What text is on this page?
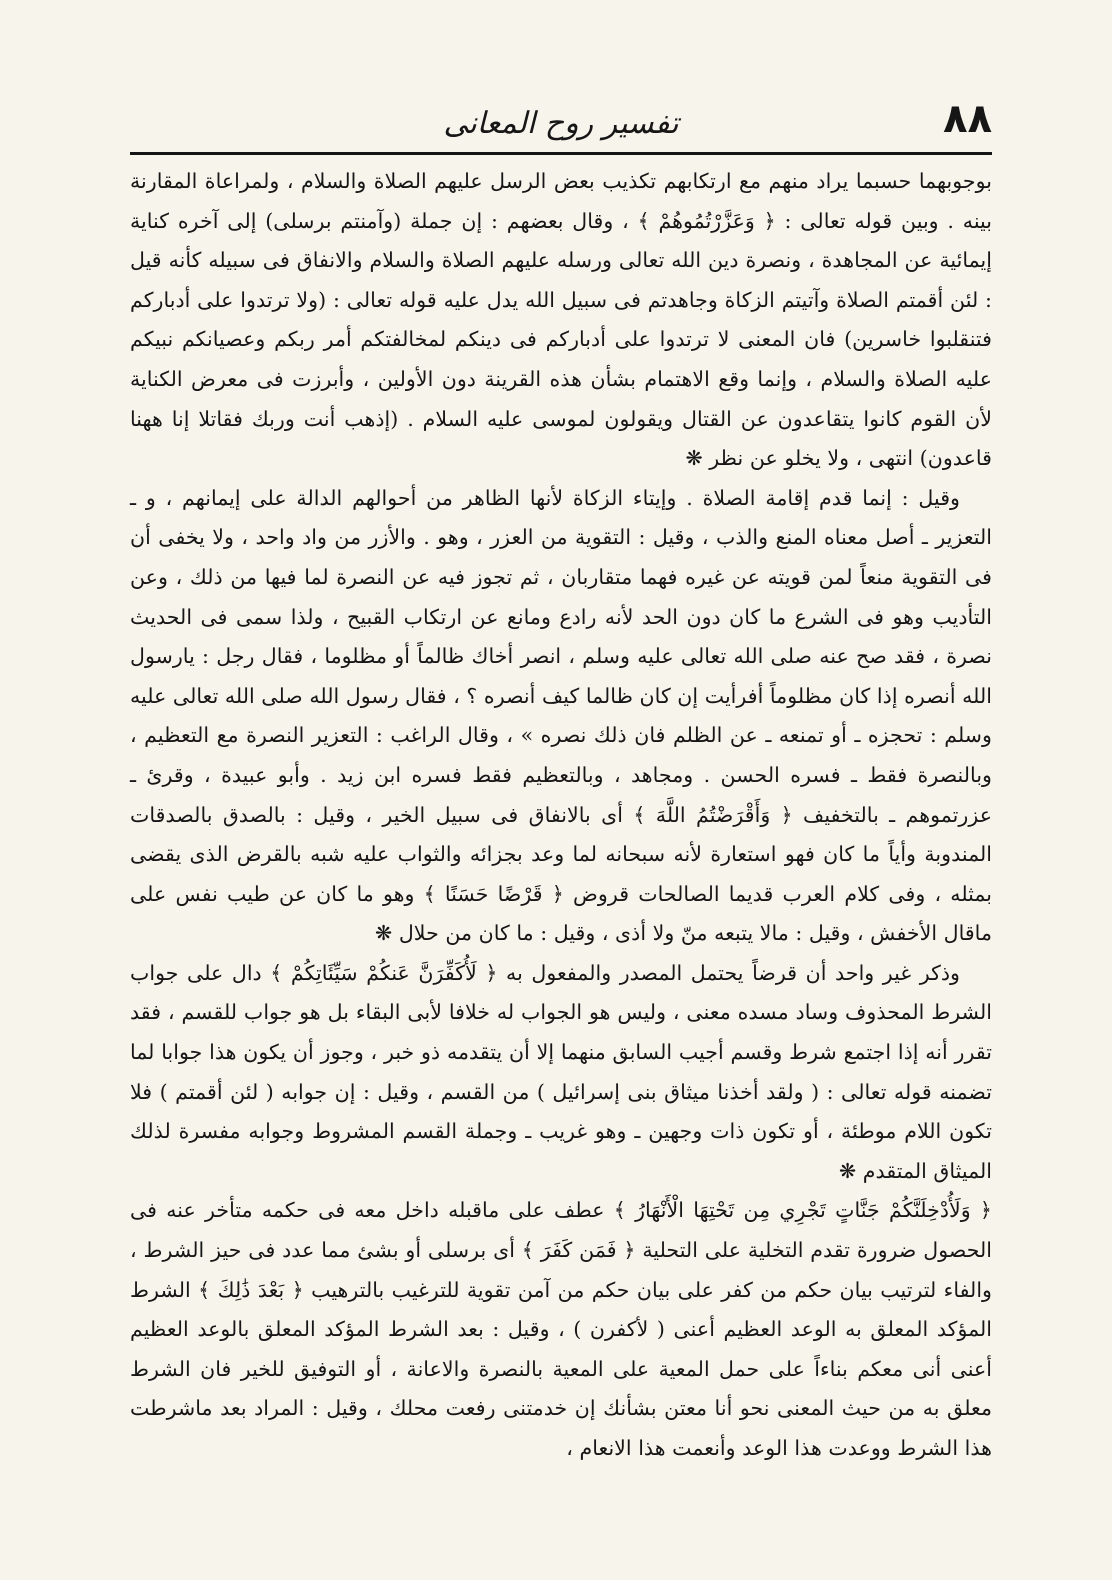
٨٨
تفسير روح المعانى

بوجوبهما حسبما يراد منهم مع ارتكابهم تكذيب بعض الرسل عليهم الصلاة والسلام ، ولمراعاة المقارنة بينه . وبين قوله تعالى : ﴿ وَعَزَّرْتُمُوهُمْ ﴾ ، وقال بعضهم : إن جملة (وآمنتم برسلى) إلى آخره كناية إيمائية عن المجاهدة ، ونصرة دين الله تعالى ورسله عليهم الصلاة والسلام والانفاق فى سبيله كأنه قيل : لئن أقمتم الصلاة وآتيتم الزكاة وجاهدتم فى سبيل الله يدل عليه قوله تعالى : (ولا ترتدوا على أدباركم فتنقلبوا خاسرين) فان المعنى لا ترتدوا على أدباركم فى دينكم لمخالفتكم أمر ربكم وعصيانكم نبيكم عليه الصلاة والسلام ، وإنما وقع الاهتمام بشأن هذه القرينة دون الأولين ، وأبرزت فى معرض الكناية لأن القوم كانوا يتقاعدون عن القتال ويقولون لموسى عليه السلام . (إذهب أنت وربك فقاتلا إنا ههنا قاعدون) انتهى ، ولا يخلو عن نظر ❋

وقيل : إنما قدم إقامة الصلاة . وإيتاء الزكاة لأنها الظاهر من أحوالهم الدالة على إيمانهم ، و ـ التعزير ـ أصل معناه المنع والذب ، وقيل : التقوية من العزر ، وهو . والأزر من واد واحد ، ولا يخفى أن فى التقوية منعاً لمن قويته عن غيره فهما متقاربان ، ثم تجوز فيه عن النصرة لما فيها من ذلك ، وعن التأديب وهو فى الشرع ما كان دون الحد لأنه رادع ومانع عن ارتكاب القبيح ، ولذا سمى فى الحديث نصرة ، فقد صح عنه صلى الله تعالى عليه وسلم ، انصر أخاك ظالماً أو مظلوما ، فقال رجل : يارسول الله أنصره إذا كان مظلوماً أفرأيت إن كان ظالما كيف أنصره ؟ ، فقال رسول الله صلى الله تعالى عليه وسلم : تحجزه ـ أو تمنعه ـ عن الظلم فان ذلك نصره » ، وقال الراغب : التعزير النصرة مع التعظيم ، وبالنصرة فقط ـ فسره الحسن . ومجاهد ، وبالتعظيم فقط فسره ابن زيد . وأبو عبيدة ، وقرئ ـ عزرتموهم ـ بالتخفيف ﴿ وَأَقْرَضْتُمُ اللَّهَ ﴾ أى بالانفاق فى سبيل الخير ، وقيل : بالصدق بالصدقات المندوبة وأياً ما كان فهو استعارة لأنه سبحانه لما وعد بجزائه والثواب عليه شبه بالقرض الذى يقضى بمثله ، وفى كلام العرب قديما الصالحات قروض ﴿ قَرْضًا حَسَنًا ﴾ وهو ما كان عن طيب نفس على ماقال الأخفش ، وقيل : مالا يتبعه منّ ولا أذى ، وقيل : ما كان من حلال ❋

وذكر غير واحد أن قرضاً يحتمل المصدر والمفعول به ﴿ لَأُكَفِّرَنَّ عَنكُمْ سَيِّئَاتِكُمْ ﴾ دال على جواب الشرط المحذوف وساد مسده معنى ، وليس هو الجواب له خلافا لأبى البقاء بل هو جواب للقسم ، فقد تقرر أنه إذا اجتمع شرط وقسم أجيب السابق منهما إلا أن يتقدمه ذو خبر ، وجوز أن يكون هذا جوابا لما تضمنه قوله تعالى : ( ولقد أخذنا ميثاق بنى إسرائيل ) من القسم ، وقيل : إن جوابه ( لئن أقمتم ) فلا تكون اللام موطئة ، أو تكون ذات وجهين ـ وهو غريب ـ وجملة القسم المشروط وجوابه مفسرة لذلك الميثاق المتقدم ❋

﴿ وَلَأُدْخِلَنَّكُمْ جَنَّاتٍ تَجْرِي مِن تَحْتِهَا الْأَنْهَارُ ﴾ عطف على ماقبله داخل معه فى حكمه متأخر عنه فى الحصول ضرورة تقدم التخلية على التحلية ﴿ فَمَن كَفَرَ ﴾ أى برسلى أو بشئ مما عدد فى حيز الشرط ، والفاء لترتيب بيان حكم من كفر على بيان حكم من آمن تقوية للترغيب بالترهيب ﴿ بَعْدَ ذَٰلِكَ ﴾ الشرط المؤكد المعلق به الوعد العظيم أعنى ( لأكفرن ) ، وقيل : بعد الشرط المؤكد المعلق بالوعد العظيم أعنى أنى معكم بناءاً على حمل المعية على المعية بالنصرة والاعانة ، أو التوفيق للخير فان الشرط معلق به من حيث المعنى نحو أنا معتن بشأنك إن خدمتنى رفعت محلك ، وقيل : المراد بعد ماشرطت هذا الشرط ووعدت هذا الوعد وأنعمت هذا الانعام ،
